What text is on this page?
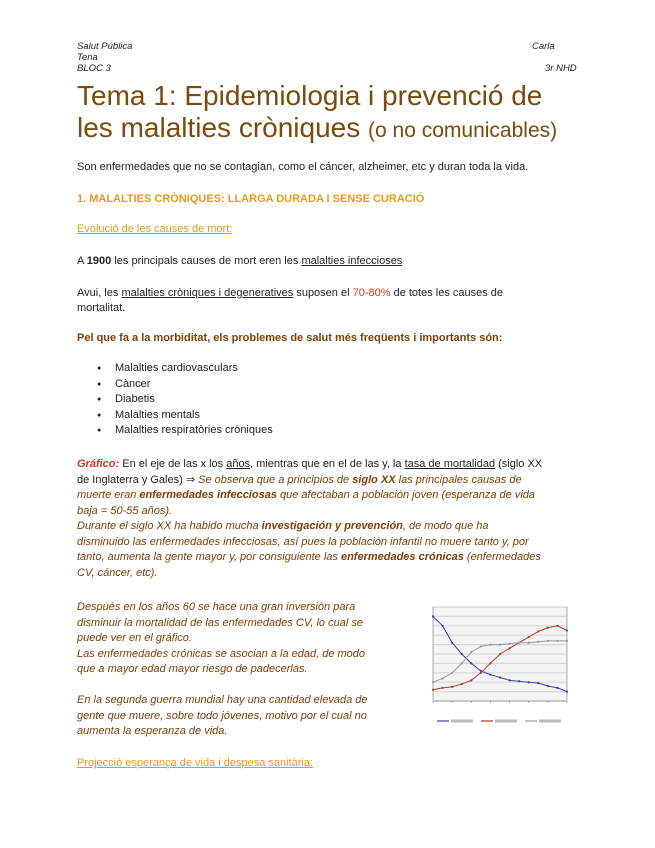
Salut Pública
Tena
BLOC 3
Carla
3r NHD
Tema 1: Epidemiologia i prevenció de
les malalties cròniques (o no comunicables)
Son enfermedades que no se contagian, como el cáncer, alzheimer, etc y duran toda la vida.
1. MALALTIES CRÒNIQUES: LLARGA DURADA I SENSE CURACIÓ
Evolució de les causes de mort:
A 1900 les principals causes de mort eren les malalties infeccioses
Avui, les malalties cròniques i degeneratives suposen el 70-80% de totes les causes de
mortalitat.
Pel que fa a la morbiditat, els problemes de salut més freqüents i importants són:
● Malalties cardiovasculars
● Càncer
● Diabetis
● Malalties mentals
● Malalties respiratòries cròniques
Gráfico: En el eje de las x los años, mientras que en el de las y, la tasa de mortalidad (siglo XX
de Inglaterra y Gales) ⇒ Se observa que a principios de siglo XX las principales causas de
muerte eran enfermedades infecciosas que afectaban a población joven (esperanza de vida
baja = 50-55 años).
Durante el siglo XX ha habido mucha investigación y prevención, de modo que ha
disminuido las enfermedades infecciosas, así pues la población infantil no muere tanto y, por
tanto, aumenta la gente mayor y, por consiguiente las enfermedades crónicas (enfermedades
CV, cáncer, etc).
Después en los años 60 se hace una gran inversión para
disminuir la mortalidad de las enfermedades CV, lo cual se
puede ver en el gráfico.
Las enfermedades crónicas se asocian a la edad, de modo
que a mayor edad mayor riesgo de padecerlas.
En la segunda guerra mundial hay una cantidad elevada de
gente que muere, sobre todo jóvenes, motivo por el cual no
aumenta la esperanza de vida.
Projecció esperança de vida i despesa sanitària:
